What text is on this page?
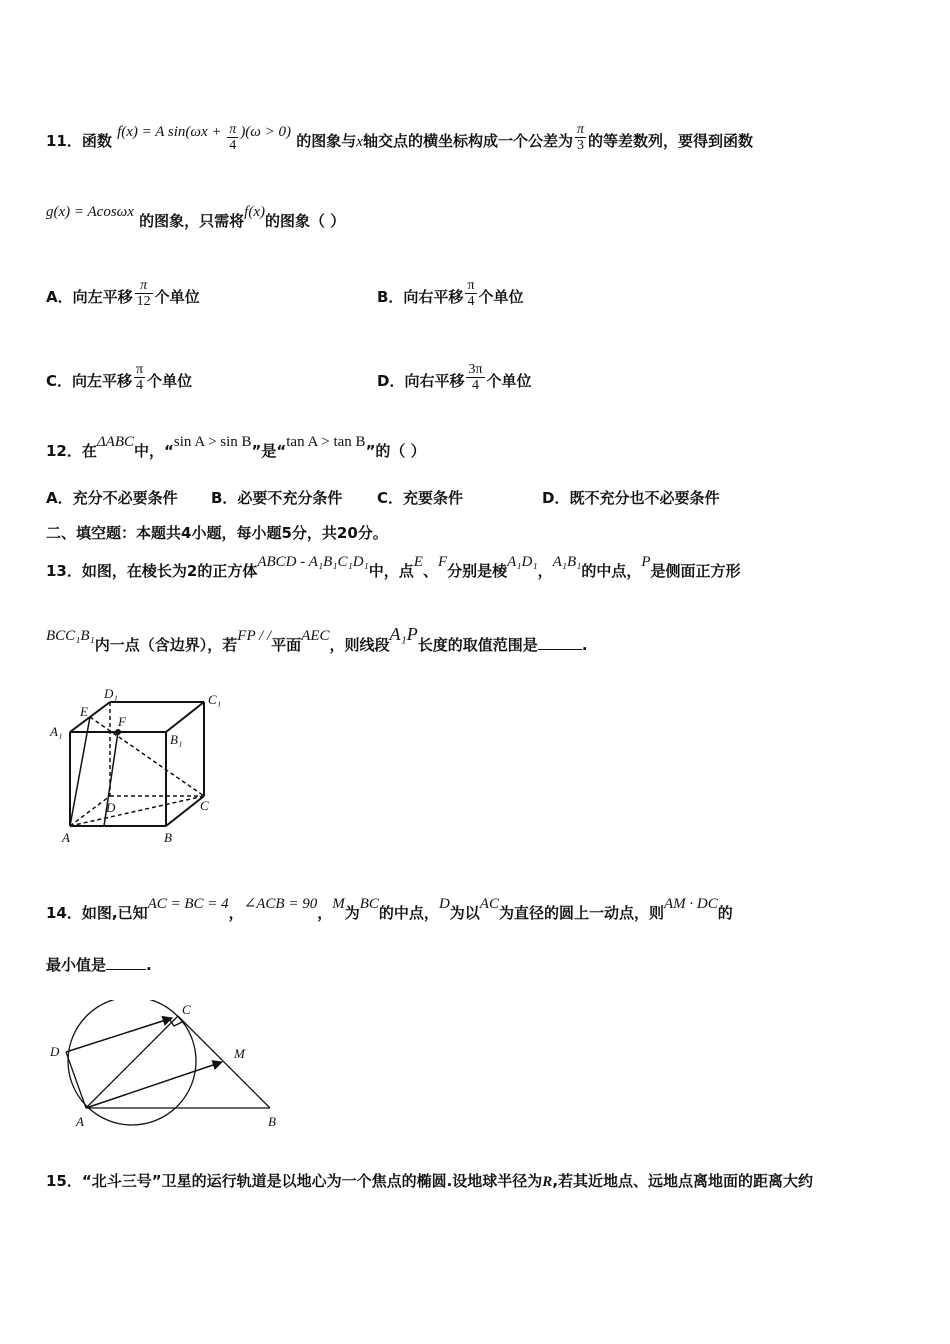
11．函数 f(x) = A $\sin(\omega x + \frac{\pi}{4} )(\omega > 0)$ 的图象与x轴交点的横坐标构成一个公差为 $\frac{\pi}{3}$ 的等差数列，要得到函数
g(x) = Acosωx 的图象，只需将f(x)的图象（ ）
A．向左平移 $\frac{\pi}{12}$ 个单位	B．向右平移 $\frac{\pi}{4}$ 个单位
C．向左平移 $\frac{\pi}{4}$ 个单位	D．向右平移 $\frac{3\pi}{4}$ 个单位
12．在ΔABC中，“sin A > sin B”是“tan A > tan B”的（ ）
A．充分不必要条件 B．必要不充分条件 C．充要条件	D．既不充分也不必要条件
二、填空题：本题共4小题，每小题5分，共20分。
13．如图，在棱长为2的正方体ABCD - A₁B₁C₁D₁中，点E、F分别是棱A₁D₁，A₁B₁的中点，P是侧面正方形
BCC₁B₁内一点（含边界），若FP / /平面AEC，则线段A₁P长度的取值范围是	.
D₁	C₁
A₁
B₁
E
F
D	C
A	B
14．如图,已知AC = BC = 4，∠ACB = 90，M为BC的中点，D为以AC为直径的圆上一动点，则AM · DC的
最小值是	.
C
D	M
A	B
15．“北斗三号”卫星的运行轨道是以地心为一个焦点的椭圆.设地球半径为R,若其近地点、远地点离地面的距离大约
